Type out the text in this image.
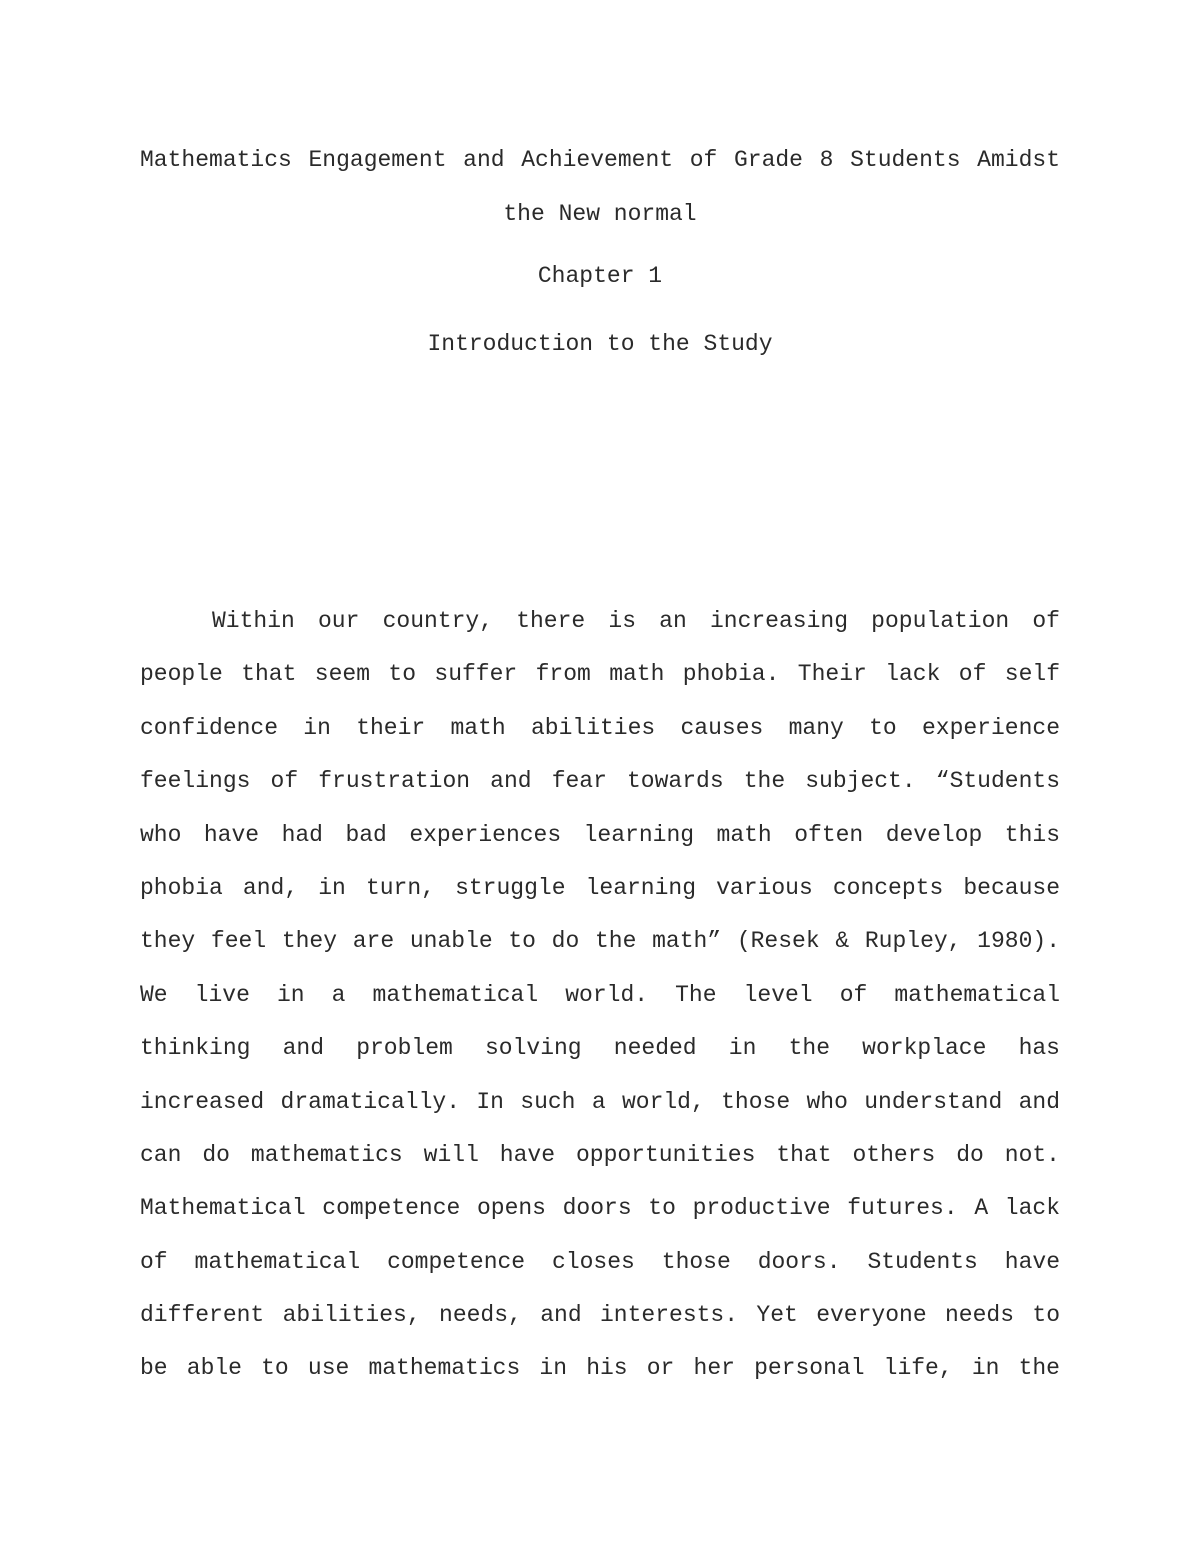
Mathematics Engagement and Achievement of Grade 8 Students Amidst
the New normal
Chapter 1
Introduction to the Study
Within our country, there is an increasing population of
people that seem to suffer from math phobia. Their lack of self
confidence in their math abilities causes many to experience
feelings of frustration and fear towards the subject. “Students
who have had bad experiences learning math often develop this
phobia and, in turn, struggle learning various concepts because
they feel they are unable to do the math” (Resek & Rupley, 1980).
We live in a mathematical world. The level of mathematical
thinking and problem solving needed in the workplace has
increased dramatically. In such a world, those who understand and
can do mathematics will have opportunities that others do not.
Mathematical competence opens doors to productive futures. A lack
of mathematical competence closes those doors. Students have
different abilities, needs, and interests. Yet everyone needs to
be able to use mathematics in his or her personal life, in the
